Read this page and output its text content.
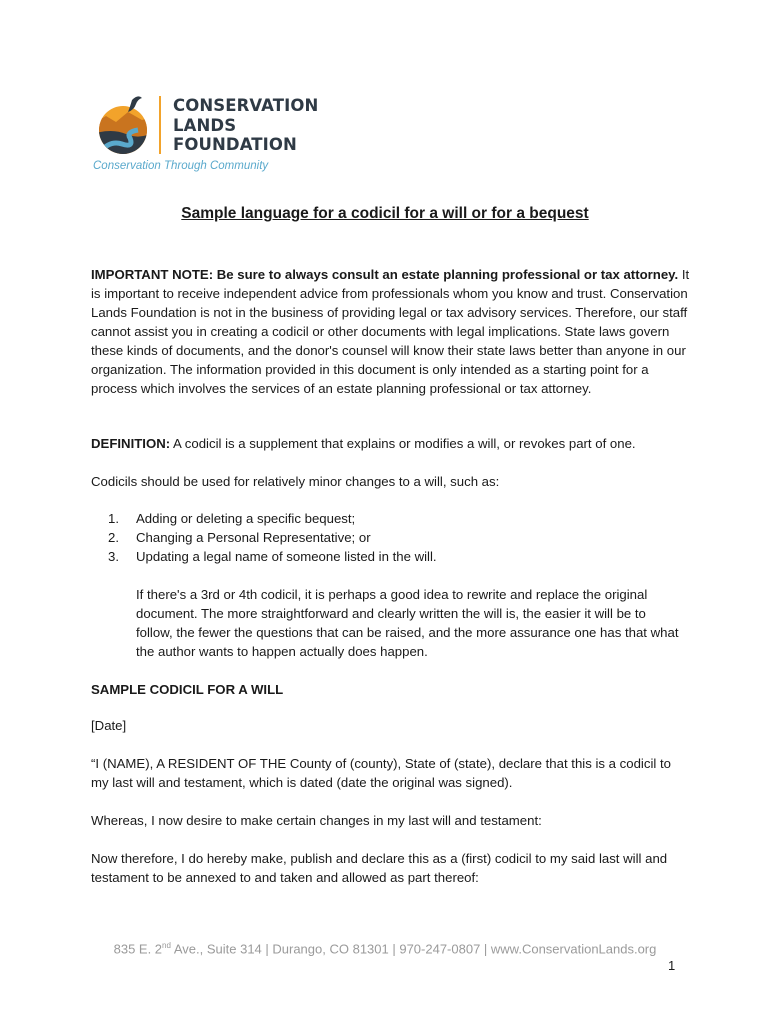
CONSERVATION
LANDS
FOUNDATION
Conservation Through Community
Sample language for a codicil for a will or for a bequest
IMPORTANT NOTE: Be sure to always consult an estate planning professional or tax attorney. It is important to receive independent advice from professionals whom you know and trust. Conservation Lands Foundation is not in the business of providing legal or tax advisory services. Therefore, our staff cannot assist you in creating a codicil or other documents with legal implications. State laws govern these kinds of documents, and the donor's counsel will know their state laws better than anyone in our organization. The information provided in this document is only intended as a starting point for a process which involves the services of an estate planning professional or tax attorney.
DEFINITION: A codicil is a supplement that explains or modifies a will, or revokes part of one.
Codicils should be used for relatively minor changes to a will, such as:
1. Adding or deleting a specific bequest;
2. Changing a Personal Representative; or
3. Updating a legal name of someone listed in the will.
If there's a 3rd or 4th codicil, it is perhaps a good idea to rewrite and replace the original document. The more straightforward and clearly written the will is, the easier it will be to follow, the fewer the questions that can be raised, and the more assurance one has that what the author wants to happen actually does happen.
SAMPLE CODICIL FOR A WILL
[Date]
“I (NAME), A RESIDENT OF THE County of (county), State of (state), declare that this is a codicil to my last will and testament, which is dated (date the original was signed).
Whereas, I now desire to make certain changes in my last will and testament:
Now therefore, I do hereby make, publish and declare this as a (first) codicil to my said last will and testament to be annexed to and taken and allowed as part thereof:
835 E. 2nd Ave., Suite 314 | Durango, CO 81301 | 970-247-0807 | www.ConservationLands.org
1
